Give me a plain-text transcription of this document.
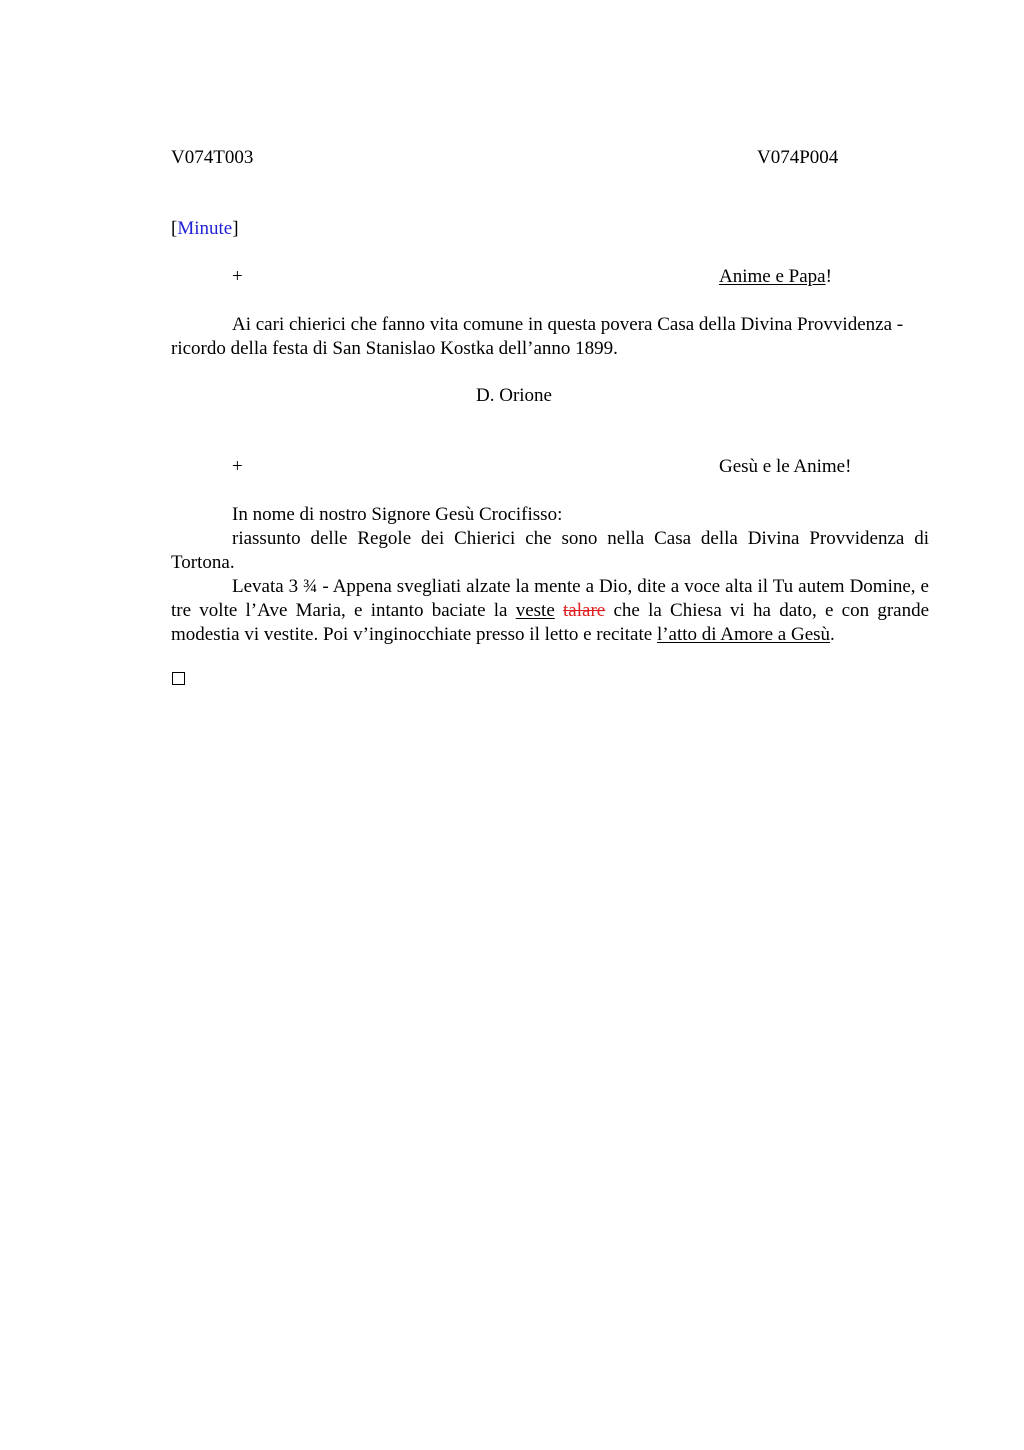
V074T003	V074P004
[Minute]
+	Anime e Papa!

Ai cari chierici che fanno vita comune in questa povera Casa della Divina Provvidenza - ricordo della festa di San Stanislao Kostka dell’anno 1899.

D. Orione
+	Gesù e le Anime!

In nome di nostro Signore Gesù Crocifisso:

riassunto delle Regole dei Chierici che sono nella Casa della Divina Provvidenza di Tortona.

Levata 3 ¾ - Appena svegliati alzate la mente a Dio, dite a voce alta il Tu autem Domine, e tre volte l’Ave Maria, e intanto baciate la veste talare che la Chiesa vi ha dato, e con grande modestia vi vestite. Poi v’inginocchiate presso il letto e recitate l’atto di Amore a Gesù.
